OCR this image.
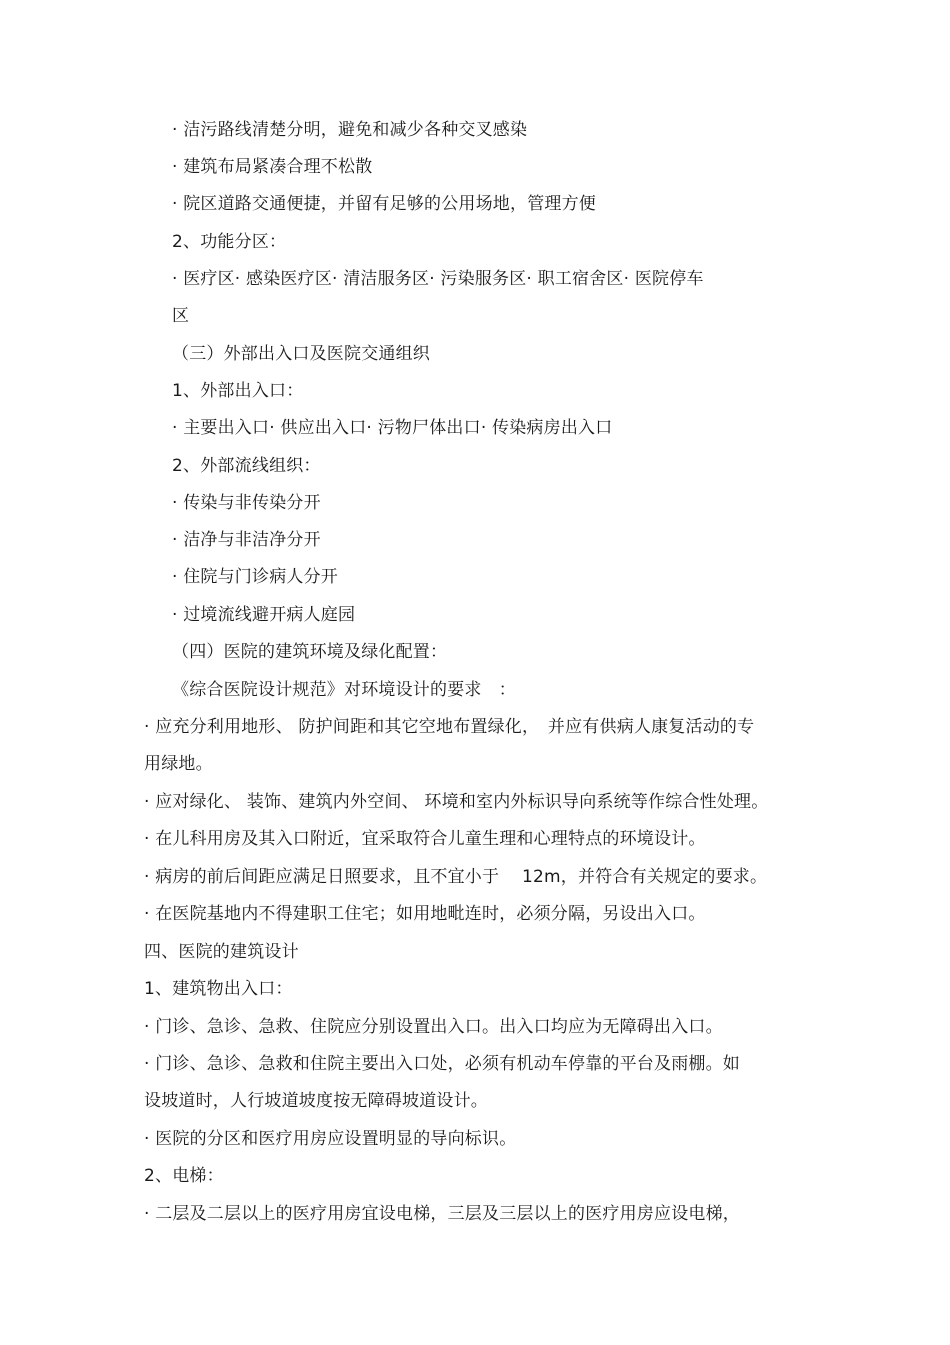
· 洁污路线清楚分明，避免和减少各种交叉感染
· 建筑布局紧凑合理不松散
· 院区道路交通便捷，并留有足够的公用场地，管理方便
2、功能分区：
· 医疗区· 感染医疗区· 清洁服务区· 污染服务区· 职工宿舍区· 医院停车
区
（三）外部出入口及医院交通组织
1、外部出入口：
· 主要出入口· 供应出入口· 污物尸体出口· 传染病房出入口
2、外部流线组织：
· 传染与非传染分开
· 洁净与非洁净分开
· 住院与门诊病人分开
· 过境流线避开病人庭园
（四）医院的建筑环境及绿化配置：
《综合医院设计规范》对环境设计的要求　：
· 应充分利用地形、 防护间距和其它空地布置绿化，　并应有供病人康复活动的专
用绿地。
· 应对绿化、 装饰、建筑内外空间、 环境和室内外标识导向系统等作综合性处理。
· 在儿科用房及其入口附近，宜采取符合儿童生理和心理特点的环境设计。
· 病房的前后间距应满足日照要求，且不宜小于　 12m，并符合有关规定的要求。
· 在医院基地内不得建职工住宅；如用地毗连时，必须分隔，另设出入口。
四、医院的建筑设计
1、建筑物出入口：
· 门诊、急诊、急救、住院应分别设置出入口。出入口均应为无障碍出入口。
· 门诊、急诊、急救和住院主要出入口处，必须有机动车停靠的平台及雨棚。如
设坡道时，人行坡道坡度按无障碍坡道设计。
· 医院的分区和医疗用房应设置明显的导向标识。
2、电梯：
· 二层及二层以上的医疗用房宜设电梯，三层及三层以上的医疗用房应设电梯，
